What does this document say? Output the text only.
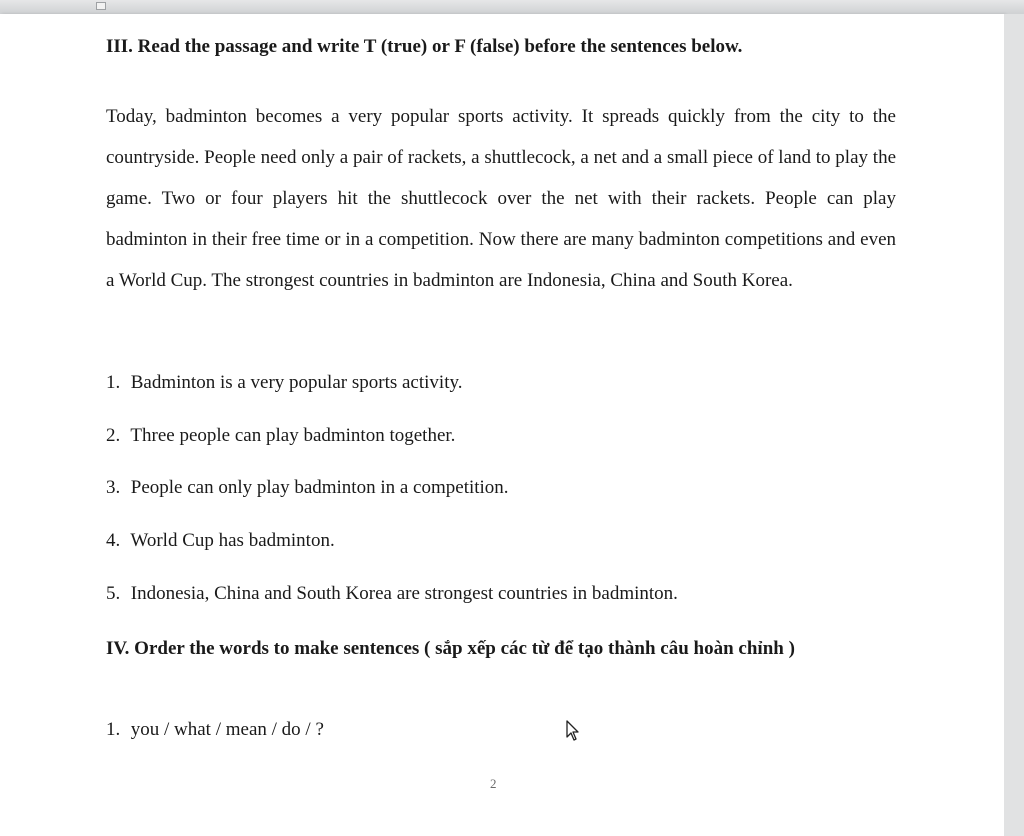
III. Read the passage and write T (true) or F (false) before the sentences below.

Today, badminton becomes a very popular sports activity. It spreads quickly from the city to the countryside. People need only a pair of rackets, a shuttlecock, a net and a small piece of land to play the game. Two or four players hit the shuttlecock over the net with their rackets. People can play badminton in their free time or in a competition. Now there are many badminton competitions and even a World Cup. The strongest countries in badminton are Indonesia, China and South Korea.

1. Badminton is a very popular sports activity.
2. Three people can play badminton together.
3. People can only play badminton in a competition.
4. World Cup has badminton.
5. Indonesia, China and South Korea are strongest countries in badminton.

IV. Order the words to make sentences ( sắp xếp các từ để tạo thành câu hoàn chỉnh )

1. you / what / mean / do / ?
2
